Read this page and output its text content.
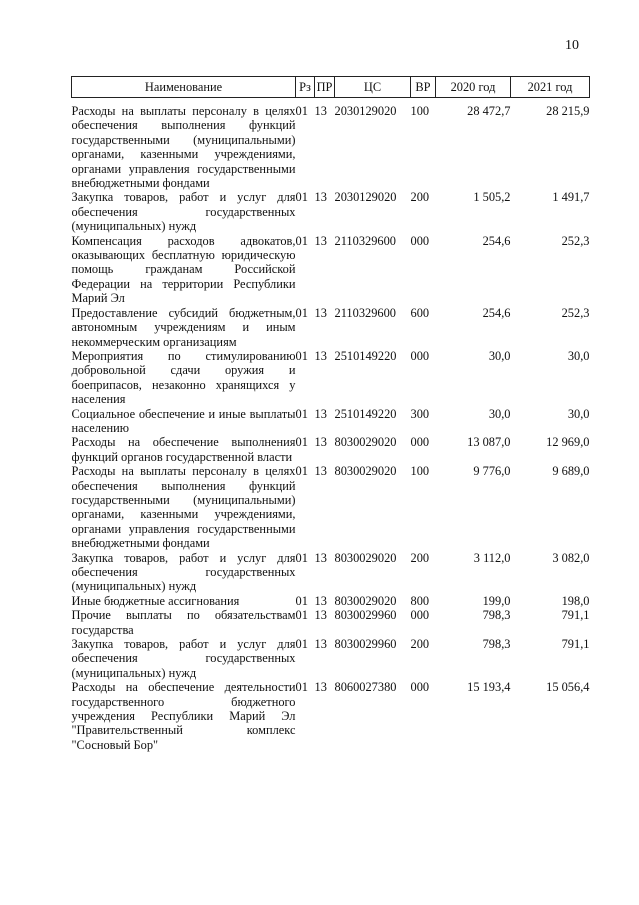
10
Наименование	Рз	ПР	ЦС	ВР	2020 год	2021 год
Расходы на выплаты персоналу в целях обеспечения выполнения функций государственными (муниципальными) органами, казенными учреждениями, органами управления государственными внебюджетными фондами	01	13	2030129020	100	28 472,7	28 215,9
Закупка товаров, работ и услуг для обеспечения государственных (муниципальных) нужд	01	13	2030129020	200	1 505,2	1 491,7
Компенсация расходов адвокатов, оказывающих бесплатную юридическую помощь гражданам Российской Федерации на территории Республики Марий Эл	01	13	2110329600	000	254,6	252,3
Предоставление субсидий бюджетным, автономным учреждениям и иным некоммерческим организациям	01	13	2110329600	600	254,6	252,3
Мероприятия по стимулированию добровольной сдачи оружия и боеприпасов, незаконно хранящихся у населения	01	13	2510149220	000	30,0	30,0
Социальное обеспечение и иные выплаты населению	01	13	2510149220	300	30,0	30,0
Расходы на обеспечение выполнения функций органов государственной власти	01	13	8030029020	000	13 087,0	12 969,0
Расходы на выплаты персоналу в целях обеспечения выполнения функций государственными (муниципальными) органами, казенными учреждениями, органами управления государственными внебюджетными фондами	01	13	8030029020	100	9 776,0	9 689,0
Закупка товаров, работ и услуг для обеспечения государственных (муниципальных) нужд	01	13	8030029020	200	3 112,0	3 082,0
Иные бюджетные ассигнования	01	13	8030029020	800	199,0	198,0
Прочие выплаты по обязательствам государства	01	13	8030029960	000	798,3	791,1
Закупка товаров, работ и услуг для обеспечения государственных (муниципальных) нужд	01	13	8030029960	200	798,3	791,1
Расходы на обеспечение деятельности государственного бюджетного учреждения Республики Марий Эл "Правительственный комплекс "Сосновый Бор"	01	13	8060027380	000	15 193,4	15 056,4
